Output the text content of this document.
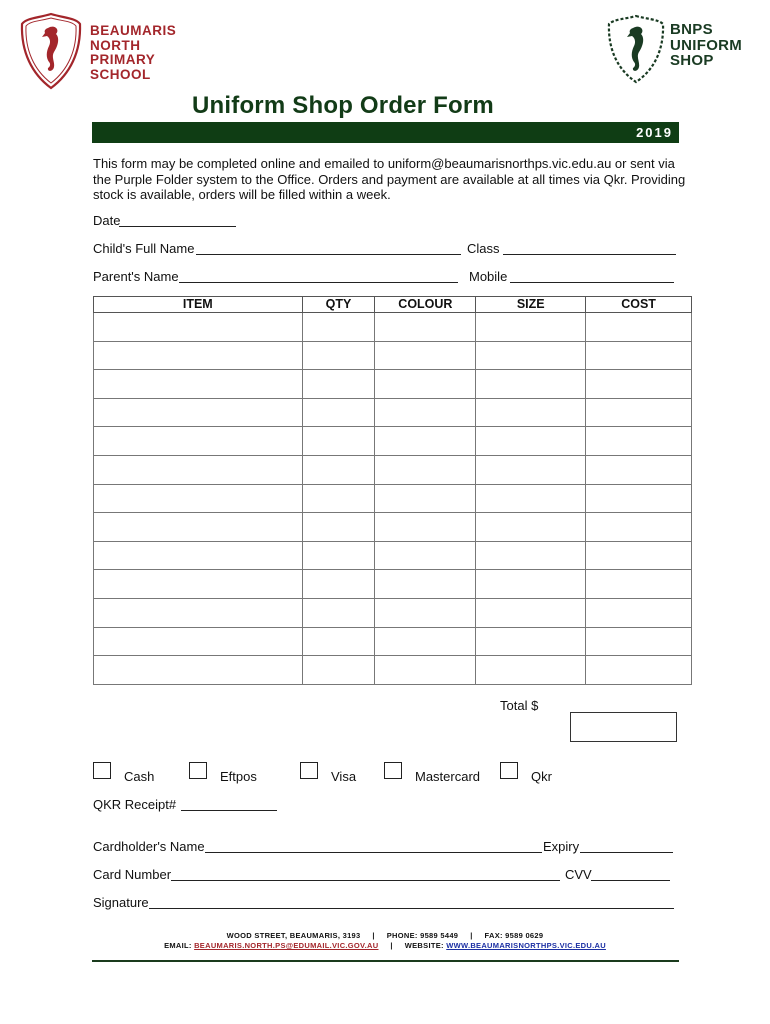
BEAUMARIS
NORTH
PRIMARY
SCHOOL
BNPS
UNIFORM
SHOP
Uniform Shop Order Form
2019
This form may be completed online and emailed to uniform@beaumarisnorthps.vic.edu.au or sent via the Purple Folder system to the Office. Orders and payment are available at all times via Qkr. Providing stock is available, orders will be filled within a week.
Date
Child's Full Name	Class
Parent's Name	Mobile
ITEM	QTY	COLOUR	SIZE	COST

Total $
Cash	Eftpos	Visa	Mastercard	Qkr
QKR Receipt#
Cardholder's Name	Expiry
Card Number	CVV
Signature
WOOD STREET, BEAUMARIS, 3193 | PHONE: 9589 5449 | FAX: 9589 0629
EMAIL: BEAUMARIS.NORTH.PS@EDUMAIL.VIC.GOV.AU | WEBSITE: WWW.BEAUMARISNORTHPS.VIC.EDU.AU
